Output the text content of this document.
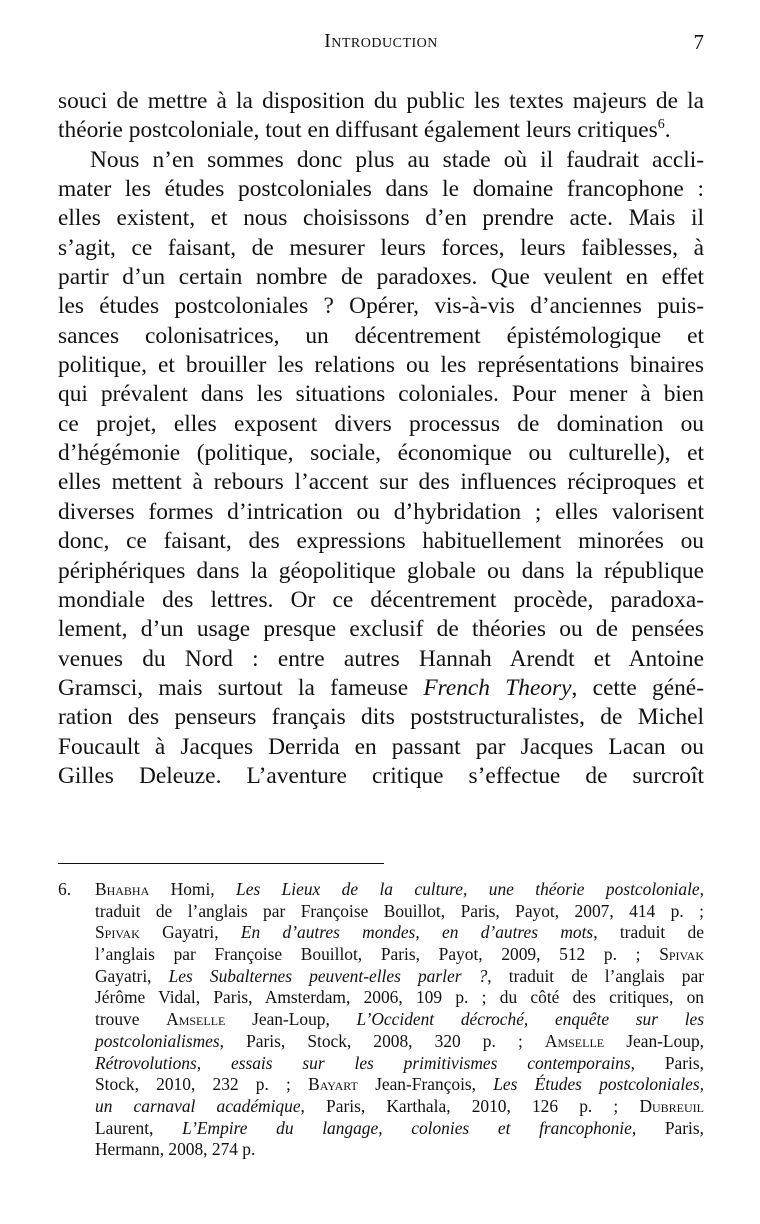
Introduction	7
souci de mettre à la disposition du public les textes majeurs de la
théorie postcoloniale, tout en diffusant également leurs critiques$^6$.
Nous n’en sommes donc plus au stade où il faudrait accli-
mater les études postcoloniales dans le domaine francophone :
elles existent, et nous choisissons d’en prendre acte. Mais il
s’agit, ce faisant, de mesurer leurs forces, leurs faiblesses, à
partir d’un certain nombre de paradoxes. Que veulent en effet
les études postcoloniales ? Opérer, vis-à-vis d’anciennes puis-
sances colonisatrices, un décentrement épistémologique et
politique, et brouiller les relations ou les représentations binaires
qui prévalent dans les situations coloniales. Pour mener à bien
ce projet, elles exposent divers processus de domination ou
d’hégémonie (politique, sociale, économique ou culturelle), et
elles mettent à rebours l’accent sur des influences réciproques et
diverses formes d’intrication ou d’hybridation ; elles valorisent
donc, ce faisant, des expressions habituellement minorées ou
périphériques dans la géopolitique globale ou dans la république
mondiale des lettres. Or ce décentrement procède, paradoxa-
lement, d’un usage presque exclusif de théories ou de pensées
venues du Nord : entre autres Hannah Arendt et Antoine
Gramsci, mais surtout la fameuse French Theory, cette géné-
ration des penseurs français dits poststructuralistes, de Michel
Foucault à Jacques Derrida en passant par Jacques Lacan ou
Gilles Deleuze. L’aventure critique s’effectue de surcroît
6.	Bhabha Homi, Les Lieux de la culture, une théorie postcoloniale,
traduit de l’anglais par Françoise Bouillot, Paris, Payot, 2007, 414 p. ;
Spivak Gayatri, En d’autres mondes, en d’autres mots, traduit de
l’anglais par Françoise Bouillot, Paris, Payot, 2009, 512 p. ; Spivak
Gayatri, Les Subalternes peuvent-elles parler ?, traduit de l’anglais par
Jérôme Vidal, Paris, Amsterdam, 2006, 109 p. ; du côté des critiques, on
trouve Amselle Jean-Loup, L’Occident décroché, enquête sur les
postcolonialismes, Paris, Stock, 2008, 320 p. ; Amselle Jean-Loup,
Rétrovolutions, essais sur les primitivismes contemporains, Paris,
Stock, 2010, 232 p. ; Bayart Jean-François, Les Études postcoloniales,
un carnaval académique, Paris, Karthala, 2010, 126 p. ; Dubreuil
Laurent, L’Empire du langage, colonies et francophonie, Paris,
Hermann, 2008, 274 p.
